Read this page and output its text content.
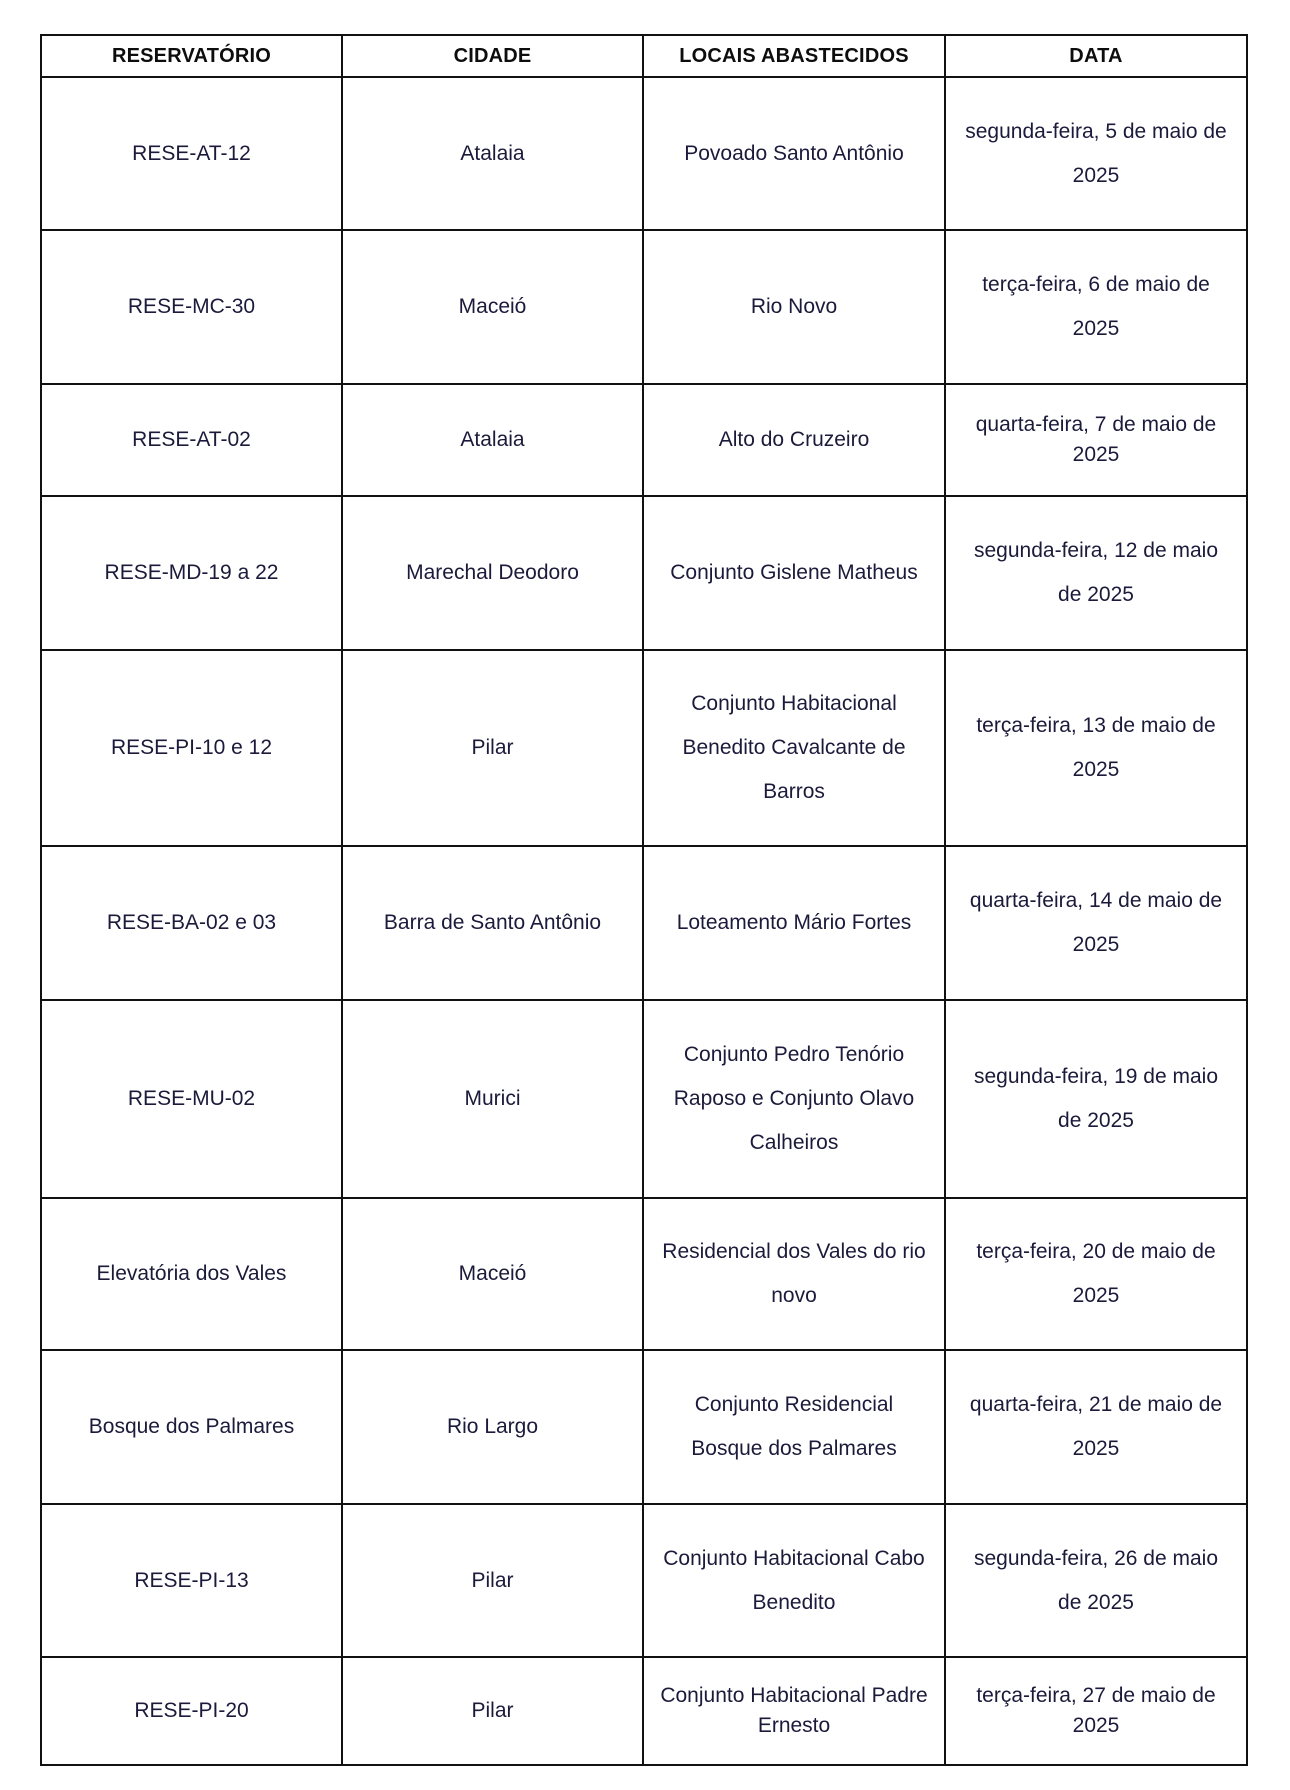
RESERVATÓRIO	CIDADE	LOCAIS ABASTECIDOS	DATA
RESE-AT-12	Atalaia	Povoado Santo Antônio	segunda-feira, 5 de maio de 2025
RESE-MC-30	Maceió	Rio Novo	terça-feira, 6 de maio de 2025
RESE-AT-02	Atalaia	Alto do Cruzeiro	quarta-feira, 7 de maio de 2025
RESE-MD-19 a 22	Marechal Deodoro	Conjunto Gislene Matheus	segunda-feira, 12 de maio de 2025
RESE-PI-10 e 12	Pilar	Conjunto Habitacional Benedito Cavalcante de Barros	terça-feira, 13 de maio de 2025
RESE-BA-02 e 03	Barra de Santo Antônio	Loteamento Mário Fortes	quarta-feira, 14 de maio de 2025
RESE-MU-02	Murici	Conjunto Pedro Tenório Raposo e Conjunto Olavo Calheiros	segunda-feira, 19 de maio de 2025
Elevatória dos Vales	Maceió	Residencial dos Vales do rio novo	terça-feira, 20 de maio de 2025
Bosque dos Palmares	Rio Largo	Conjunto Residencial Bosque dos Palmares	quarta-feira, 21 de maio de 2025
RESE-PI-13	Pilar	Conjunto Habitacional Cabo Benedito	segunda-feira, 26 de maio de 2025
RESE-PI-20	Pilar	Conjunto Habitacional Padre Ernesto	terça-feira, 27 de maio de 2025
